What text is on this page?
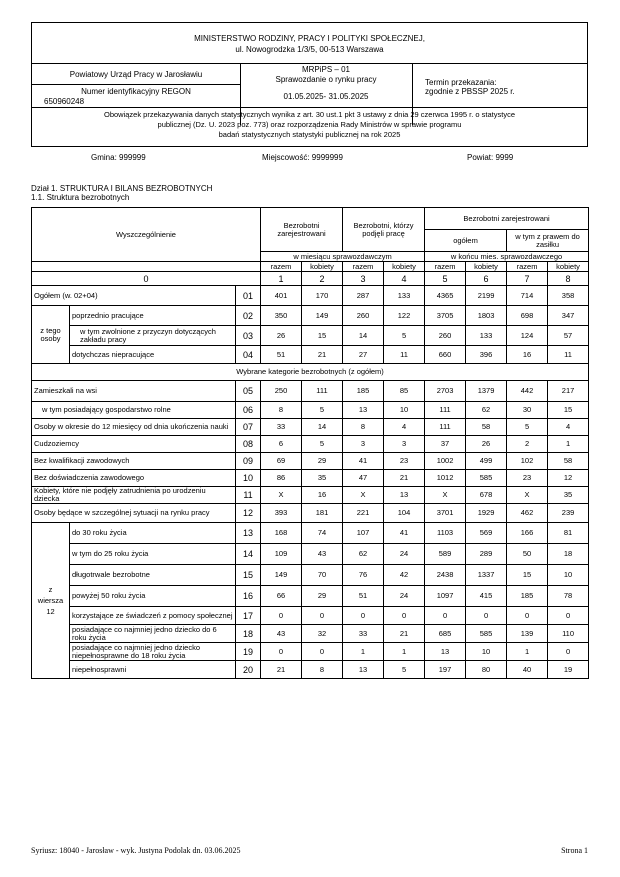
MINISTERSTWO RODZINY, PRACY I POLITYKI SPOŁECZNEJ,
ul. Nowogrodzka 1/3/5, 00-513 Warszawa
Powiatowy Urząd Pracy w Jarosławiu
Numer identyfikacyjny REGON
650960248
MRPiPS – 01
Sprawozdanie o rynku pracy
01.05.2025- 31.05.2025
Termin przekazania:
zgodnie z PBSSP 2025 r.
Obowiązek przekazywania danych statystycznych wynika z art. 30 ust.1 pkt 3 ustawy z dnia 29 czerwca 1995 r. o statystyce
publicznej (Dz. U. 2023 poz. 773) oraz rozporządzenia Rady Ministrów w sprawie programu
badań statystycznych statystyki publicznej na rok 2025
Gmina: 999999	Miejscowość: 9999999	Powiat: 9999
Dział 1. STRUKTURA I BILANS BEZROBOTNYCH
1.1. Struktura bezrobotnych
Wyszczególnienie			Bezrobotni zarejestrowani		Bezrobotni, którzy podjęli pracę		Bezrobotni zarejestrowani			
							ogółem		w tym z prawem do zasiłku	
			w miesiącu sprawozdawczym				w końcu mies. sprawozdawczego			
			razem	kobiety	razem	kobiety	razem	kobiety	razem	kobiety
0			1	2	3	4	5	6	7	8
Ogółem (w. 02+04)		01	401	170	287	133	4365	2199	714	358
z tego osoby	poprzednio pracujące	02	350	149	260	122	3705	1803	698	347
	w tym zwolnione z przyczyn dotyczących zakładu pracy	03	26	15	14	5	260	133	124	57
	dotychczas niepracujące	04	51	21	27	11	660	396	16	11
Wybrane kategorie bezrobotnych (z ogółem)										
Zamieszkali na wsi		05	250	111	185	85	2703	1379	442	217
w tym posiadający gospodarstwo rolne		06	8	5	13	10	111	62	30	15
Osoby w okresie do 12 miesięcy od dnia ukończenia nauki		07	33	14	8	4	111	58	5	4
Cudzoziemcy		08	6	5	3	3	37	26	2	1
Bez kwalifikacji zawodowych		09	69	29	41	23	1002	499	102	58
Bez doświadczenia zawodowego		10	86	35	47	21	1012	585	23	12
Kobiety, które nie podjęły zatrudnienia po urodzeniu dziecka		11	X	16	X	13	X	678	X	35
Osoby będące w szczególnej sytuacji na rynku pracy		12	393	181	221	104	3701	1929	462	239

z
wiersza
12	do 30 roku życia	13	168	74	107	41	1103	569	166	81
	w tym do 25 roku życia	14	109	43	62	24	589	289	50	18
	długotrwale bezrobotne	15	149	70	76	42	2438	1337	15	10
	powyżej 50 roku życia	16	66	29	51	24	1097	415	185	78
	korzystające ze świadczeń z pomocy społecznej	17	0	0	0	0	0	0	0	0
	posiadające co najmniej jedno dziecko do 6 roku życia	18	43	32	33	21	685	585	139	110
	posiadające co najmniej jedno dziecko niepełnosprawne do 18 roku życia	19	0	0	1	1	13	10	1	0
	niepełnosprawni	20	21	8	13	5	197	80	40	19
Syriusz: 18040 - Jarosław - wyk. Justyna Podolak dn. 03.06.2025	Strona 1
